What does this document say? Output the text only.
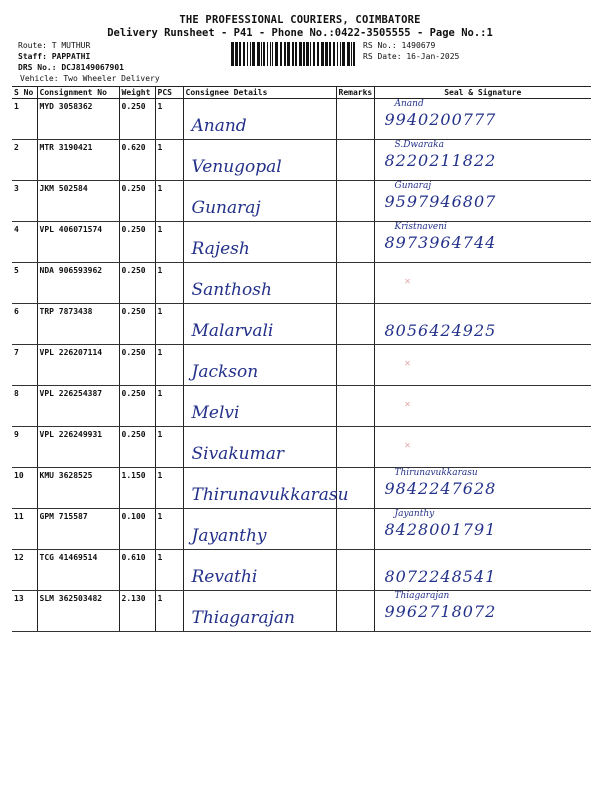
THE PROFESSIONAL COURIERS, COIMBATORE
Delivery Runsheet - P41 - Phone No.:0422-3505555 - Page No.:1
Route: T MUTHUR
Staff: PAPPATHI
DRS No.: DCJ8149067901
Vehicle: Two Wheeler Delivery
RS No.: 1490679
RS Date: 16-Jan-2025
S No	Consignment No	Weight	PCS	Consignee Details	Remarks	Seal & Signature
1	MYD 3058362	0.250	1	Anand		Anand
9940200777

2	MTR 3190421	0.620	1	Venugopal		S.Dwaraka
8220211822

3	JKM 502584	0.250	1	Gunaraj		Gunaraj
9597946807

4	VPL 406071574	0.250	1	Rajesh		Kristnaveni
8973964744

5	NDA 906593962	0.250	1	Santhosh		✕

6	TRP 7873438	0.250	1	Malarvali		8056424925

7	VPL 226207114	0.250	1	Jackson		✕

8	VPL 226254387	0.250	1	Melvi		✕

9	VPL 226249931	0.250	1	Sivakumar		✕

10	KMU 3628525	1.150	1	Thirunavukkarasu		Thirunavukkarasu
9842247628

11	GPM 715587	0.100	1	Jayanthy		Jayanthy
8428001791

12	TCG 41469514	0.610	1	Revathi		8072248541

13	SLM 362503482	2.130	1	Thiagarajan		Thiagarajan
9962718072
